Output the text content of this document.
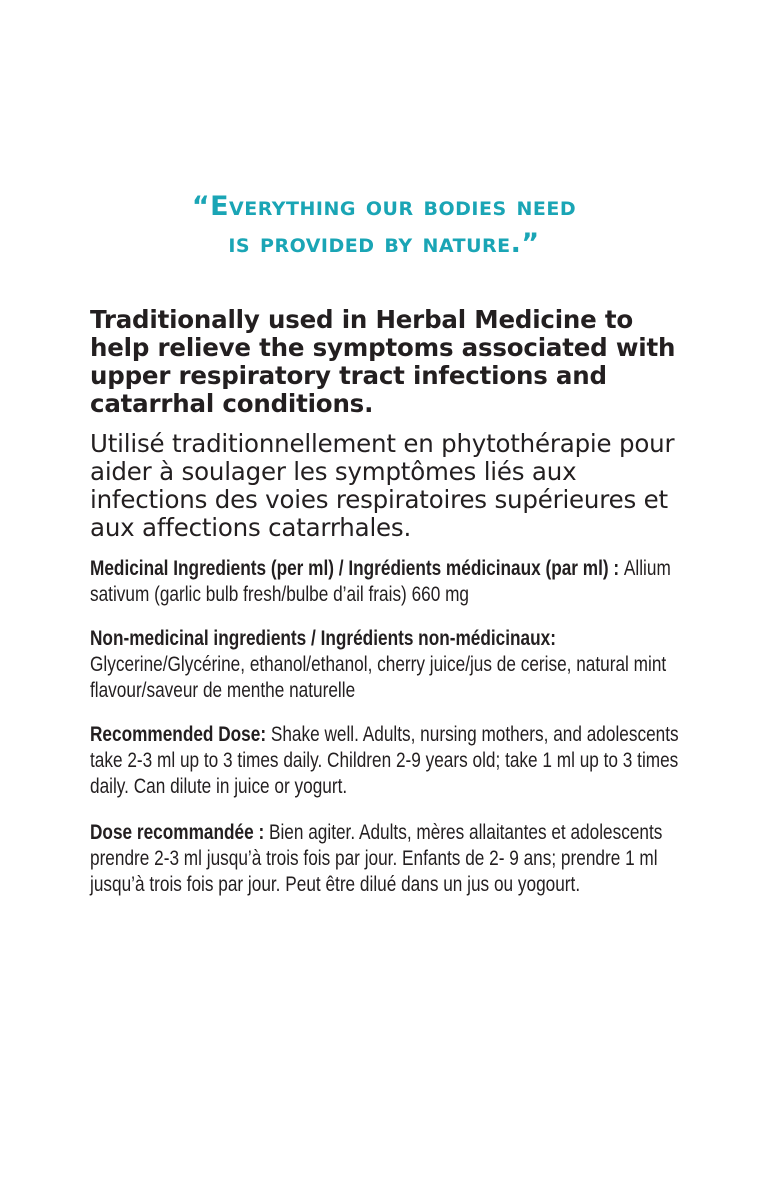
“Everything our bodies need
is provided by nature.”
Traditionally used in Herbal Medicine to help relieve the symptoms associated with upper respiratory tract infections and catarrhal conditions.
Utilisé traditionnellement en phytothérapie pour aider à soulager les symptômes liés aux infections des voies respiratoires supérieures et aux affections catarrhales.
Medicinal Ingredients (per ml) / Ingrédients médicinaux (par ml) : Allium sativum (garlic bulb fresh/bulbe d’ail frais) 660 mg
Non-medicinal ingredients / Ingrédients non-médicinaux: Glycerine/Glycérine, ethanol/ethanol, cherry juice/jus de cerise, natural mint flavour/saveur de menthe naturelle
Recommended Dose: Shake well. Adults, nursing mothers, and adolescents take 2-3 ml up to 3 times daily. Children 2-9 years old; take 1 ml up to 3 times daily. Can dilute in juice or yogurt.
Dose recommandée : Bien agiter. Adults, mères allaitantes et adolescents prendre 2-3 ml jusqu’à trois fois par jour. Enfants de 2- 9 ans; prendre 1 ml jusqu’à trois fois par jour. Peut être dilué dans un jus ou yogourt.
